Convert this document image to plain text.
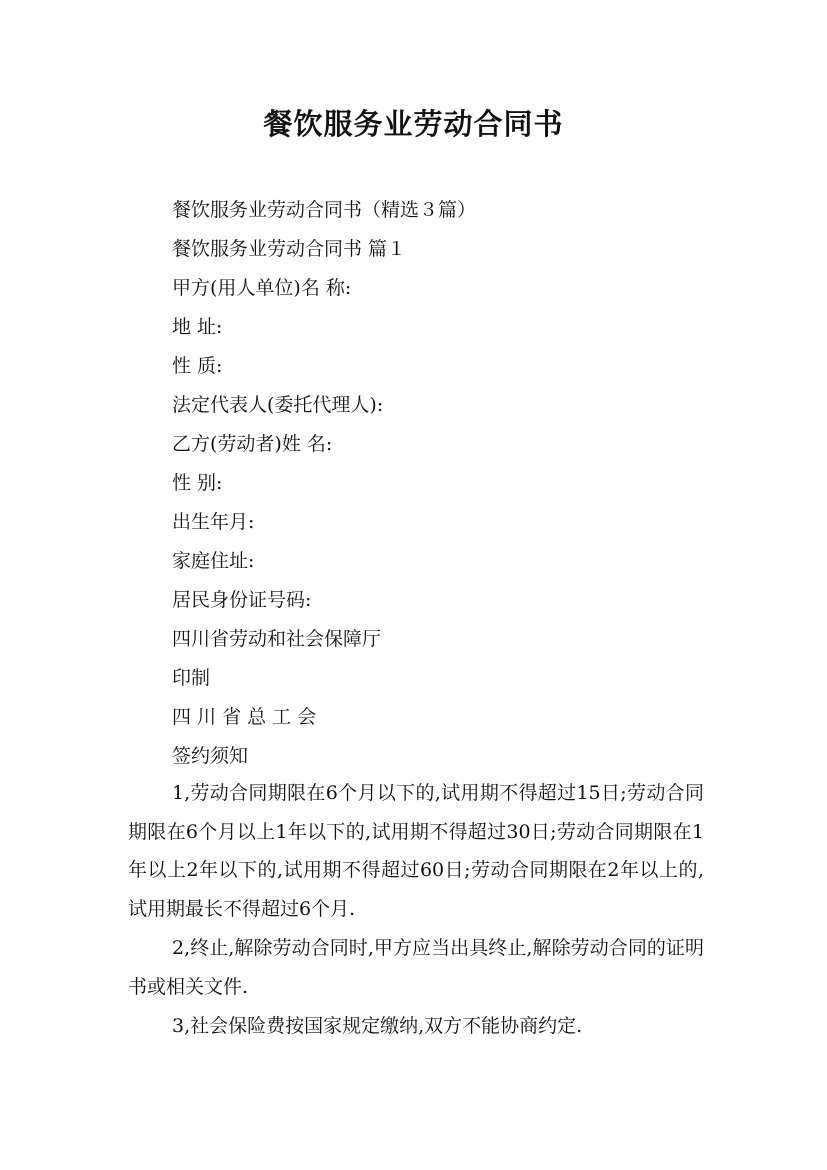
餐饮服务业劳动合同书

餐饮服务业劳动合同书（精选３篇）

餐饮服务业劳动合同书 篇１

甲方(用人单位)名 称:

地 址:

性 质:

法定代表人(委托代理人):

乙方(劳动者)姓 名:

性 别:

出生年月:

家庭住址:

居民身份证号码:

四川省劳动和社会保障厅

印制

四 川 省 总 工 会

签约须知

1,劳动合同期限在6个月以下的,试用期不得超过15日;劳动合同期限在6个月以上1年以下的,试用期不得超过30日;劳动合同期限在1年以上2年以下的,试用期不得超过60日;劳动合同期限在2年以上的,试用期最长不得超过6个月.

2,终止,解除劳动合同时,甲方应当出具终止,解除劳动合同的证明书或相关文件.

3,社会保险费按国家规定缴纳,双方不能协商约定.
